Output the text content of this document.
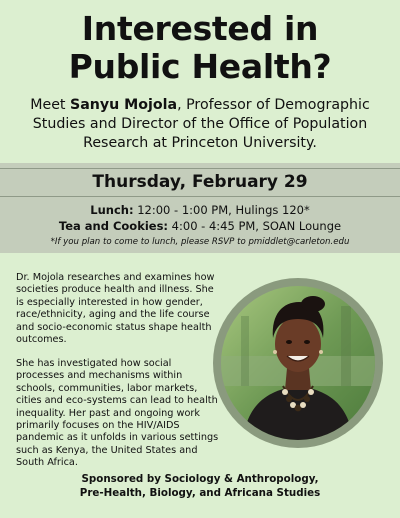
Interested in
Public Health?
Meet Sanyu Mojola, Professor of Demographic Studies and Director of the Office of Population Research at Princeton University.
Thursday, February 29
Lunch: 12:00 - 1:00 PM, Hulings 120*
Tea and Cookies: 4:00 - 4:45 PM, SOAN Lounge
*If you plan to come to lunch, please RSVP to pmiddlet@carleton.edu
Dr. Mojola researches and examines how societies produce health and illness. She is especially interested in how gender, race/ethnicity, aging and the life course and socio-economic status shape health outcomes.
She has investigated how social processes and mechanisms within schools, communities, labor markets, cities and eco-systems can lead to health inequality. Her past and ongoing work primarily focuses on the HIV/AIDS pandemic as it unfolds in various settings such as Kenya, the United States and South Africa.
Sponsored by Sociology & Anthropology,
Pre-Health, Biology, and Africana Studies
